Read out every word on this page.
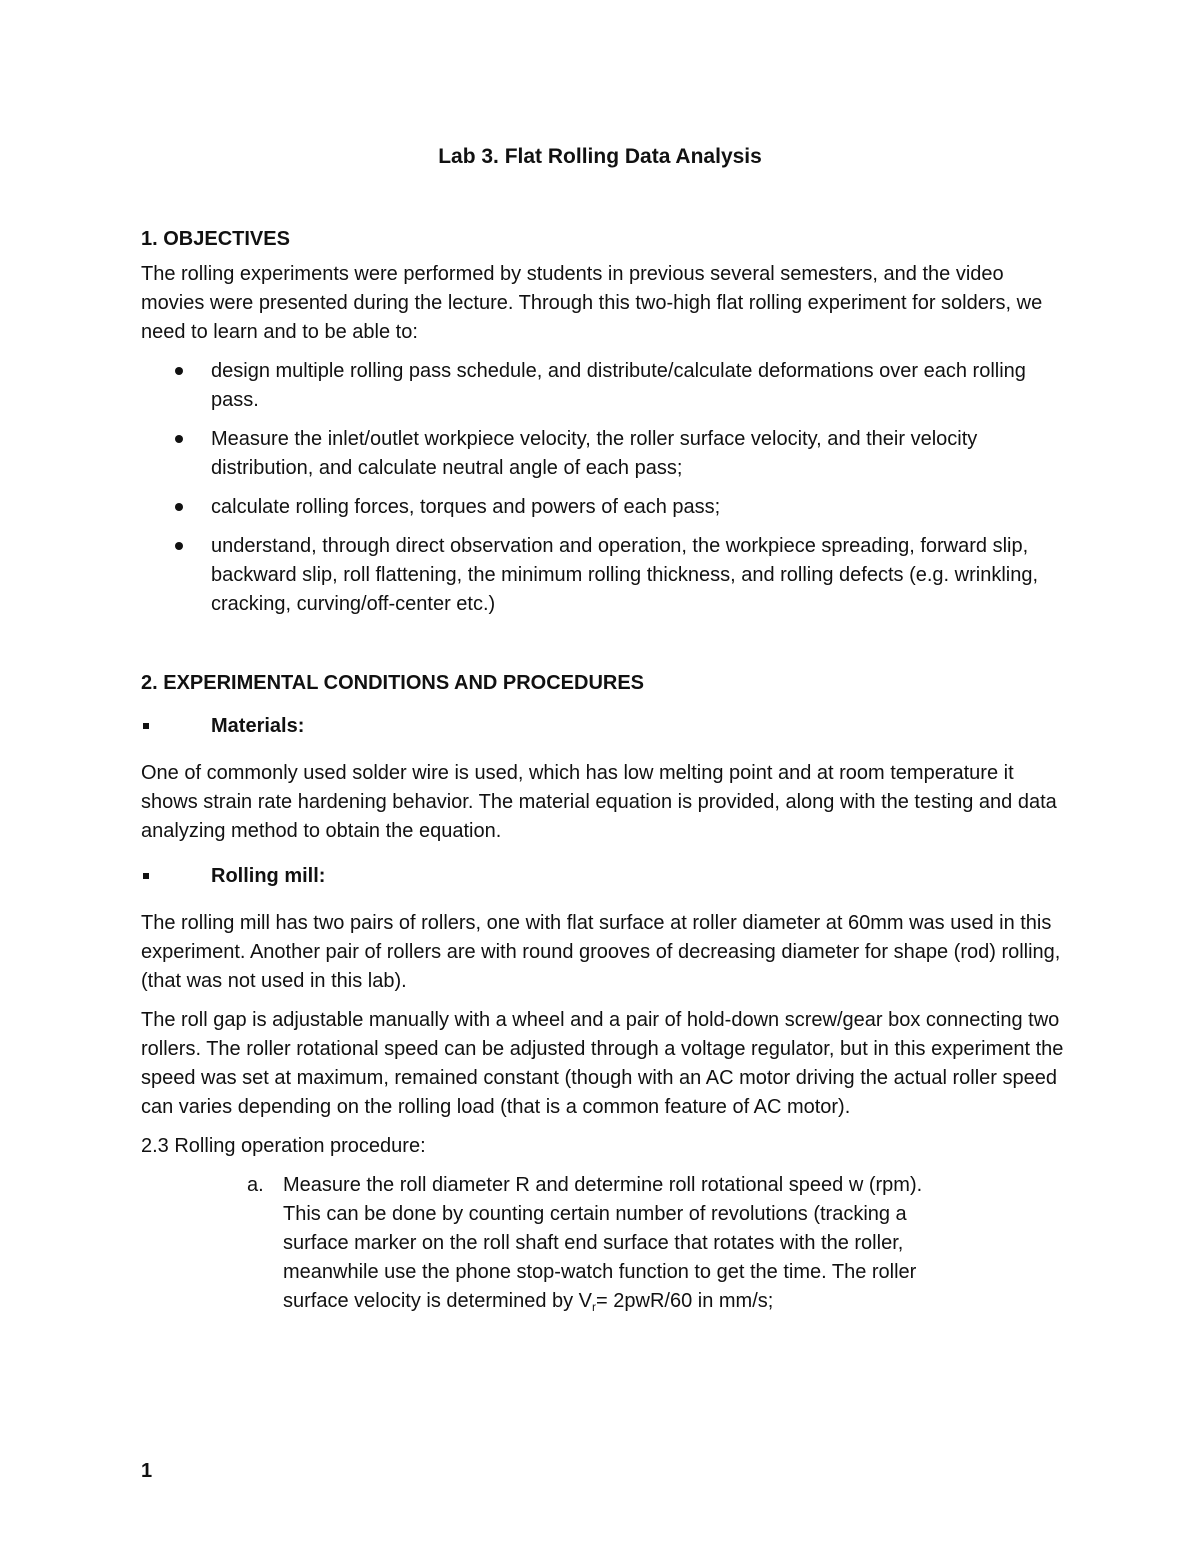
Lab 3. Flat Rolling Data Analysis
1. OBJECTIVES

The rolling experiments were performed by students in previous several semesters, and the video movies were presented during the lecture. Through this two-high flat rolling experiment for solders, we need to learn and to be able to:

design multiple rolling pass schedule, and distribute/calculate deformations over each rolling pass.
Measure the inlet/outlet workpiece velocity, the roller surface velocity, and their velocity distribution, and calculate neutral angle of each pass;
calculate rolling forces, torques and powers of each pass;
understand, through direct observation and operation, the workpiece spreading, forward slip, backward slip, roll flattening, the minimum rolling thickness, and rolling defects (e.g. wrinkling, cracking, curving/off-center etc.)
2. EXPERIMENTAL CONDITIONS AND PROCEDURES
Materials:

One of commonly used solder wire is used, which has low melting point and at room temperature it shows strain rate hardening behavior. The material equation is provided, along with the testing and data analyzing method to obtain the equation.

Rolling mill:

The rolling mill has two pairs of rollers, one with flat surface at roller diameter at 60mm was used in this experiment. Another pair of rollers are with round grooves of decreasing diameter for shape (rod) rolling, (that was not used in this lab).

The roll gap is adjustable manually with a wheel and a pair of hold-down screw/gear box connecting two rollers. The roller rotational speed can be adjusted through a voltage regulator, but in this experiment the speed was set at maximum, remained constant (though with an AC motor driving the actual roller speed can varies depending on the rolling load (that is a common feature of AC motor).

2.3 Rolling operation procedure:

a. Measure the roll diameter R and determine roll rotational speed w (rpm). This can be done by counting certain number of revolutions (tracking a surface marker on the roll shaft end surface that rotates with the roller, meanwhile use the phone stop-watch function to get the time. The roller surface velocity is determined by $V_r= 2pwR/60$ in mm/s;
1
